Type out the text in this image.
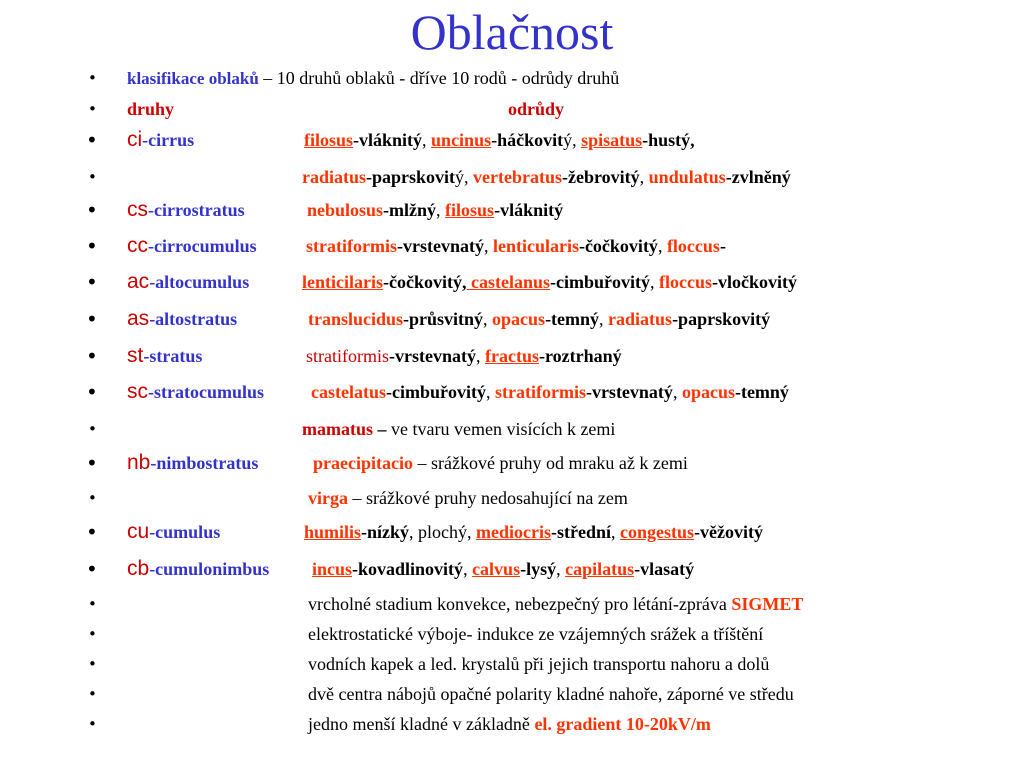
Oblačnost
• klasifikace oblaků – 10 druhů oblaků - dříve 10 rodů - odrůdy druhů
• druhy	odrůdy
• ci-cirrus	filosus-vláknitý, uncinus-háčkovitý, spisatus-hustý,
•	radiatus-paprskovitý, vertebratus-žebrovitý, undulatus-zvlněný
• cs-cirrostratus	nebulosus-mlžný, filosus-vláknitý
• cc-cirrocumulus	stratiformis-vrstevnatý, lenticularis-čočkovitý, floccus-
• ac-altocumulus	lenticilaris-čočkovitý, castelanus-cimbuřovitý, floccus-vločkovitý
• as-altostratus	translucidus-průsvitný, opacus-temný, radiatus-paprskovitý
• st-stratus	stratiformis-vrstevnatý, fractus-roztrhaný
• sc-stratocumulus	castelatus-cimbuřovitý, stratiformis-vrstevnatý, opacus-temný
•	mamatus – ve tvaru vemen visících k zemi
• nb-nimbostratus	praecipitacio – srážkové pruhy od mraku až k zemi
•	virga – srážkové pruhy nedosahující na zem
• cu-cumulus	humilis-nízký, plochý, mediocris-střední, congestus-věžovitý
• cb-cumulonimbus incus-kovadlinovitý, calvus-lysý, capilatus-vlasatý
•	vrcholné stadium konvekce, nebezpečný pro létání-zpráva SIGMET
•	elektrostatické výboje- indukce ze vzájemných srážek a tříštění
•	vodních kapek a led. krystalů při jejich transportu nahoru a dolů
•	dvě centra nábojů opačné polarity kladné nahoře, záporné ve středu
•	jedno menší kladné v základně el. gradient 10-20kV/m
